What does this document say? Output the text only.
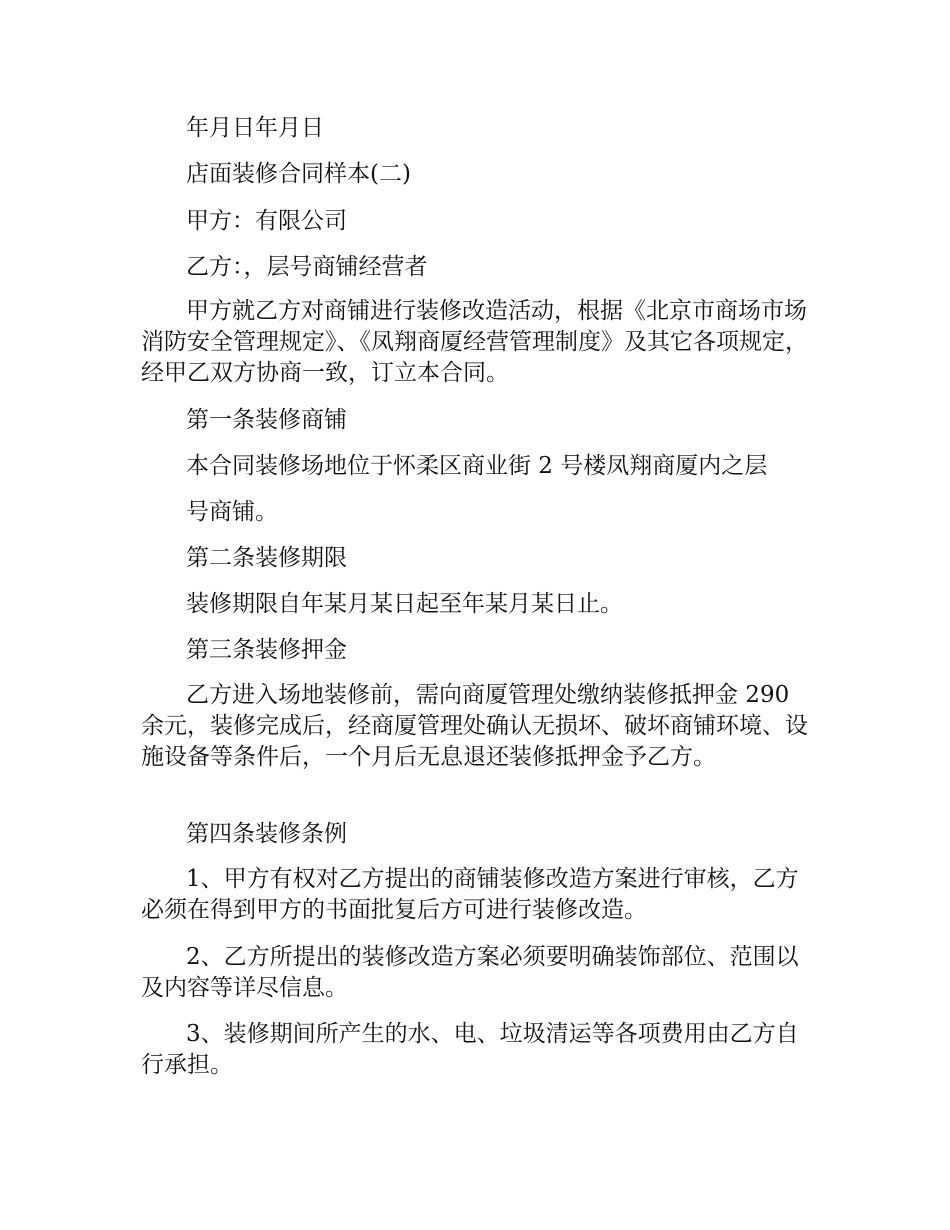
年月日年月日
店面装修合同样本(二)
甲方：有限公司
乙方：，层号商铺经营者
甲方就乙方对商铺进行装修改造活动，根据《北京市商场市场消防安全管理规定》、《凤翔商厦经营管理制度》及其它各项规定，经甲乙双方协商一致，订立本合同。
第一条装修商铺
本合同装修场地位于怀柔区商业街 2 号楼凤翔商厦内之层
号商铺。
第二条装修期限
装修期限自年某月某日起至年某月某日止。
第三条装修押金
乙方进入场地装修前，需向商厦管理处缴纳装修抵押金 290 余元，装修完成后，经商厦管理处确认无损坏、破坏商铺环境、设施设备等条件后，一个月后无息退还装修抵押金予乙方。
第四条装修条例
1、甲方有权对乙方提出的商铺装修改造方案进行审核，乙方必须在得到甲方的书面批复后方可进行装修改造。
2、乙方所提出的装修改造方案必须要明确装饰部位、范围以及内容等详尽信息。
3、装修期间所产生的水、电、垃圾清运等各项费用由乙方自行承担。
